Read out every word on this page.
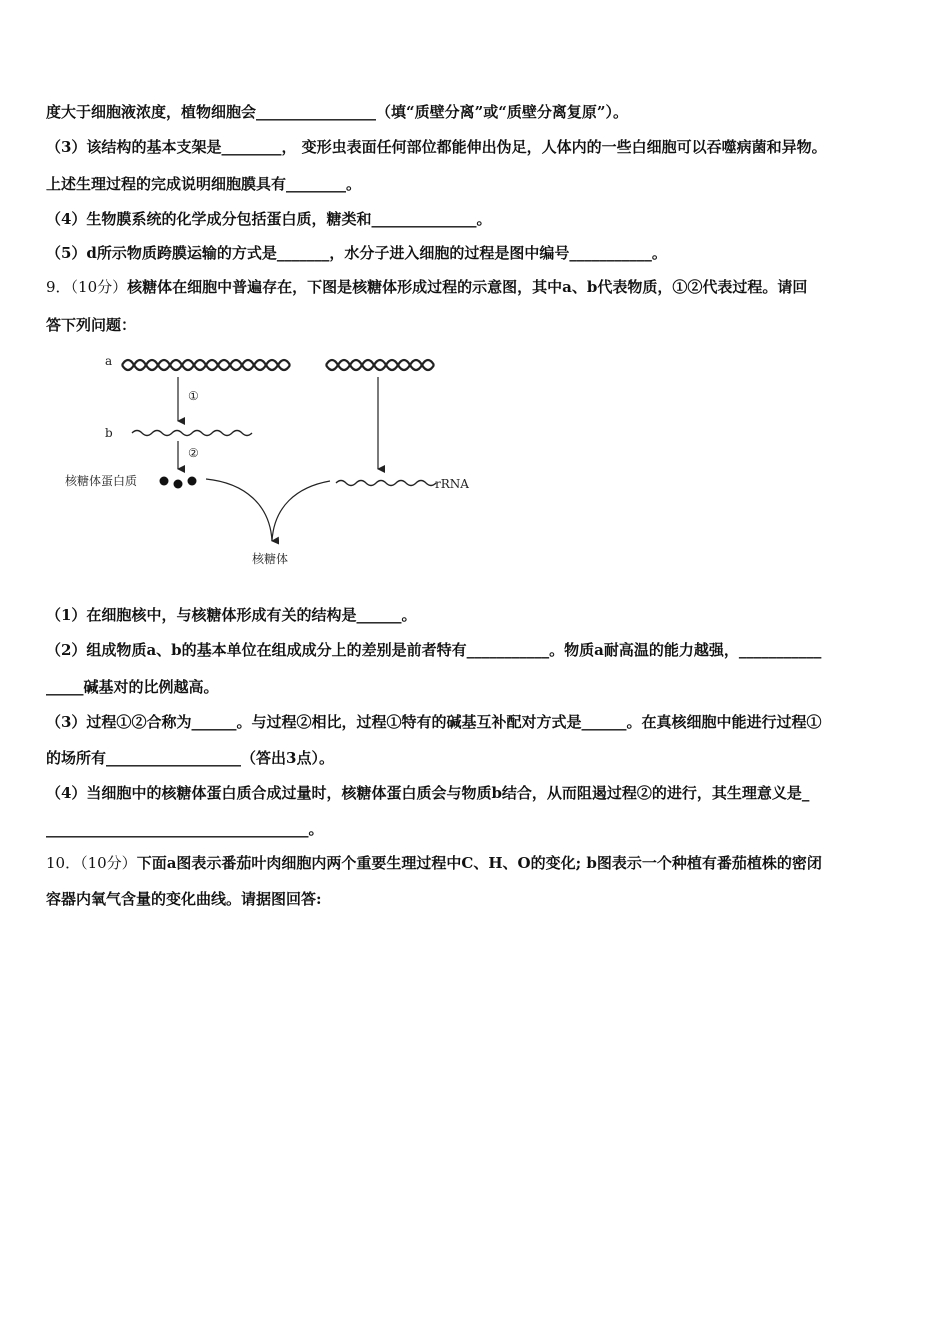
度大于细胞液浓度，植物细胞会________________（填“质壁分离”或“质壁分离复原”）。
（3）该结构的基本支架是________， 变形虫表面任何部位都能伸出伪足，人体内的一些白细胞可以吞噬病菌和异物。
上述生理过程的完成说明细胞膜具有________。
（4）生物膜系统的化学成分包括蛋白质，糖类和______________。
（5）d所示物质跨膜运输的方式是_______，水分子进入细胞的过程是图中编号___________。
9．（10分）核糖体在细胞中普遍存在，下图是核糖体形成过程的示意图，其中a、b代表物质，①②代表过程。请回
答下列问题：
a
①
b
②
核糖体蛋白质	rRNA
核糖体
（1）在细胞核中，与核糖体形成有关的结构是______。
（2）组成物质a、b的基本单位在组成成分上的差别是前者特有___________。物质a耐高温的能力越强，___________
_____碱基对的比例越高。
（3）过程①②合称为______。与过程②相比，过程①特有的碱基互补配对方式是______。在真核细胞中能进行过程①
的场所有__________________（答出3点）。
（4）当细胞中的核糖体蛋白质合成过量时，核糖体蛋白质会与物质b结合，从而阻遏过程②的进行，其生理意义是_
___________________________________。
10．（10分）下面a图表示番茄叶肉细胞内两个重要生理过程中C、H、O的变化; b图表示一个种植有番茄植株的密闭
容器内氧气含量的变化曲线。请据图回答:
